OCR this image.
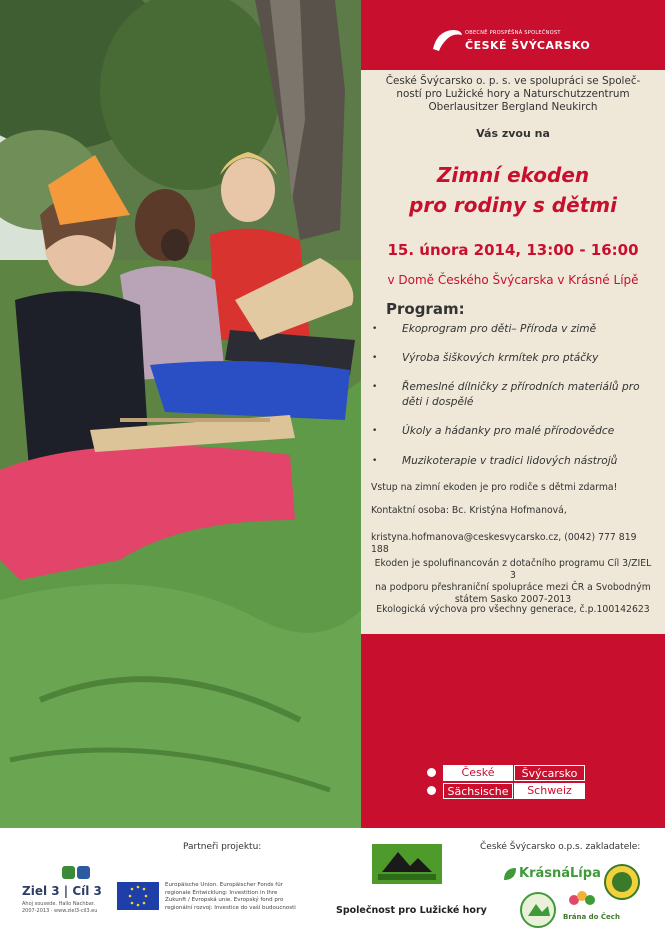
OBECNĚ PROSPĚŠNÁ SPOLEČNOST
ČESKÉ ŠVÝCARSKO
České Švýcarsko o. p. s. ve spolupráci se Společ-
ností pro Lužické hory a Naturschutzzentrum
Oberlausitzer Bergland Neukirch
Vás zvou na
Zimní ekoden
pro rodiny s dětmi
15. února 2014, 13:00 - 16:00
v Domě Českého Švýcarska v Krásné Lípě
Program:
• Ekoprogram pro děti– Příroda v zimě
• Výroba šiškových krmítek pro ptáčky
• Řemeslné dílničky z přírodních materiálů pro děti i dospělé
• Úkoly a hádanky pro malé přírodovědce
• Muzikoterapie v tradici lidových nástrojů
Vstup na zimní ekoden je pro rodiče s dětmi zdarma!
Kontaktní osoba: Bc. Kristýna Hofmanová,
kristyna.hofmanova@ceskesvycarsko.cz, (0042) 777 819 188
Ekoden je spolufinancován z dotačního programu Cíl 3/ZIEL 3
na podporu přeshraniční spolupráce mezi ČR a Svobodným
státem Sasko 2007-2013
Ekologická výchova pro všechny generace, č.p.100142623
České	Švýcarsko
Sächsische	Schweiz
Partneři projektu:	České Švýcarsko o.p.s. zakladatele:
Ziel 3 | Cíl 3
Ahoj sousede. Hallo Nachbar.
2007-2013 · www.ziel3-cil3.eu
Europäische Union. Europäischer Fonds für
regionale Entwicklung: Investition in Ihre
Zukunft / Evropská unie. Evropský fond pro
regionální rozvoj: Investice do vaší budoucnosti	Společnost pro Lužické hory
KrásnáLípa
Brána do Čech
